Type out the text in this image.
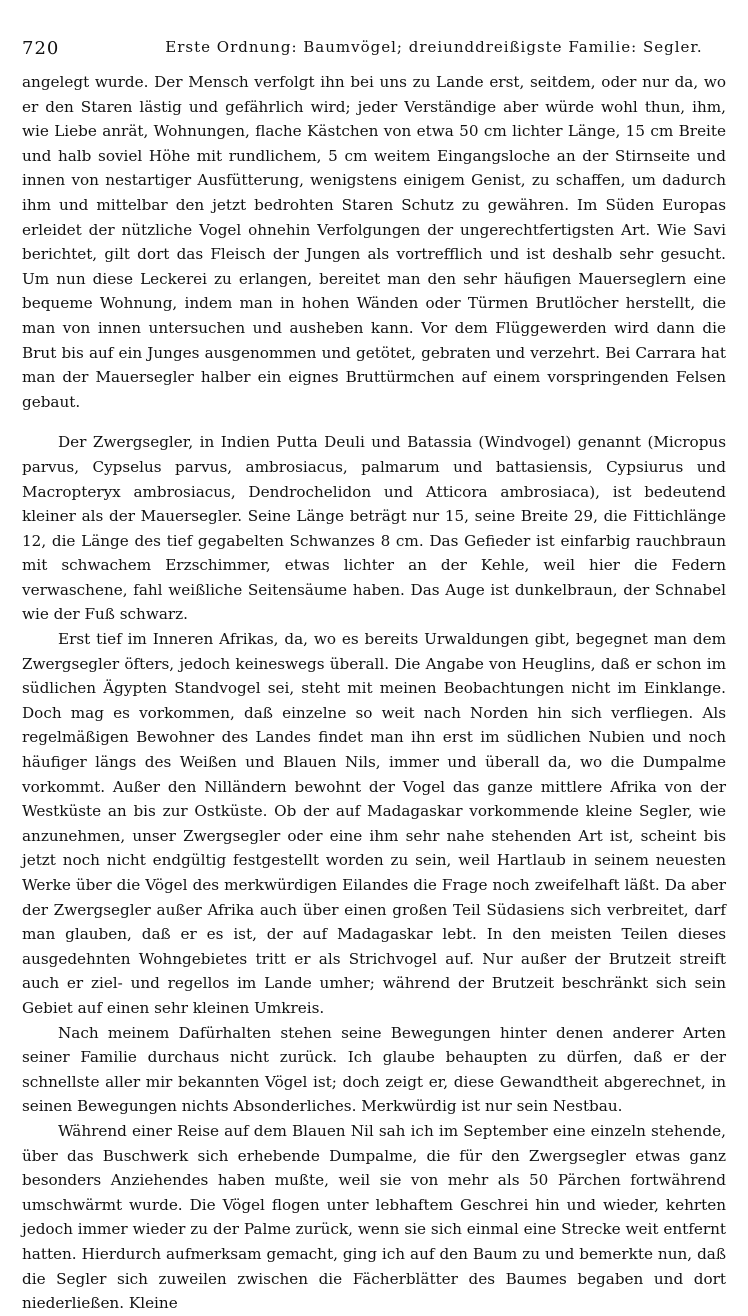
720	Erste Ordnung: Baumvögel; dreiunddreißigste Familie: Segler.

angelegt wurde. Der Mensch verfolgt ihn bei uns zu Lande erst, seitdem, oder nur da, wo er den Staren lästig und gefährlich wird; jeder Verständige aber würde wohl thun, ihm, wie Liebe anrät, Wohnungen, flache Kästchen von etwa 50 cm lichter Länge, 15 cm Breite und halb soviel Höhe mit rundlichem, 5 cm weitem Eingangsloche an der Stirnseite und innen von nestartiger Ausfütterung, wenigstens einigem Genist, zu schaffen, um dadurch ihm und mittelbar den jetzt bedrohten Staren Schutz zu gewähren. Im Süden Europas erleidet der nützliche Vogel ohnehin Verfolgungen der ungerechtfertigsten Art. Wie Savi berichtet, gilt dort das Fleisch der Jungen als vortrefflich und ist deshalb sehr gesucht. Um nun diese Leckerei zu erlangen, bereitet man den sehr häufigen Mauerseglern eine bequeme Wohnung, indem man in hohen Wänden oder Türmen Brutlöcher herstellt, die man von innen untersuchen und ausheben kann. Vor dem Flüggewerden wird dann die Brut bis auf ein Junges ausgenommen und getötet, gebraten und verzehrt. Bei Carrara hat man der Mauersegler halber ein eignes Bruttürmchen auf einem vorspringenden Felsen gebaut.

Der Zwergsegler, in Indien Putta Deuli und Batassia (Windvogel) genannt (Micropus parvus, Cypselus parvus, ambrosiacus, palmarum und battasiensis, Cypsiurus und Macropteryx ambrosiacus, Dendrochelidon und Atticora ambrosiaca), ist bedeutend kleiner als der Mauersegler. Seine Länge beträgt nur 15, seine Breite 29, die Fittichlänge 12, die Länge des tief gegabelten Schwanzes 8 cm. Das Gefieder ist einfarbig rauchbraun mit schwachem Erzschimmer, etwas lichter an der Kehle, weil hier die Federn verwaschene, fahl weißliche Seitensäume haben. Das Auge ist dunkelbraun, der Schnabel wie der Fuß schwarz.

Erst tief im Inneren Afrikas, da, wo es bereits Urwaldungen gibt, begegnet man dem Zwergsegler öfters, jedoch keineswegs überall. Die Angabe von Heuglins, daß er schon im südlichen Ägypten Standvogel sei, steht mit meinen Beobachtungen nicht im Einklange. Doch mag es vorkommen, daß einzelne so weit nach Norden hin sich verfliegen. Als regelmäßigen Bewohner des Landes findet man ihn erst im südlichen Nubien und noch häufiger längs des Weißen und Blauen Nils, immer und überall da, wo die Dumpalme vorkommt. Außer den Nilländern bewohnt der Vogel das ganze mittlere Afrika von der Westküste an bis zur Ostküste. Ob der auf Madagaskar vorkommende kleine Segler, wie anzunehmen, unser Zwergsegler oder eine ihm sehr nahe stehenden Art ist, scheint bis jetzt noch nicht endgültig festgestellt worden zu sein, weil Hartlaub in seinem neuesten Werke über die Vögel des merkwürdigen Eilandes die Frage noch zweifelhaft läßt. Da aber der Zwergsegler außer Afrika auch über einen großen Teil Südasiens sich verbreitet, darf man glauben, daß er es ist, der auf Madagaskar lebt. In den meisten Teilen dieses ausgedehnten Wohngebietes tritt er als Strichvogel auf. Nur außer der Brutzeit streift auch er ziel- und regellos im Lande umher; während der Brutzeit beschränkt sich sein Gebiet auf einen sehr kleinen Umkreis.

Nach meinem Dafürhalten stehen seine Bewegungen hinter denen anderer Arten seiner Familie durchaus nicht zurück. Ich glaube behaupten zu dürfen, daß er der schnellste aller mir bekannten Vögel ist; doch zeigt er, diese Gewandtheit abgerechnet, in seinen Bewegungen nichts Absonderliches. Merkwürdig ist nur sein Nestbau.

Während einer Reise auf dem Blauen Nil sah ich im September eine einzeln stehende, über das Buschwerk sich erhebende Dumpalme, die für den Zwergsegler etwas ganz besonders Anziehendes haben mußte, weil sie von mehr als 50 Pärchen fortwährend umschwärmt wurde. Die Vögel flogen unter lebhaftem Geschrei hin und wieder, kehrten jedoch immer wieder zu der Palme zurück, wenn sie sich einmal eine Strecke weit entfernt hatten. Hierdurch aufmerksam gemacht, ging ich auf den Baum zu und bemerkte nun, daß die Segler sich zuweilen zwischen die Fächerblätter des Baumes begaben und dort niederließen. Kleine
